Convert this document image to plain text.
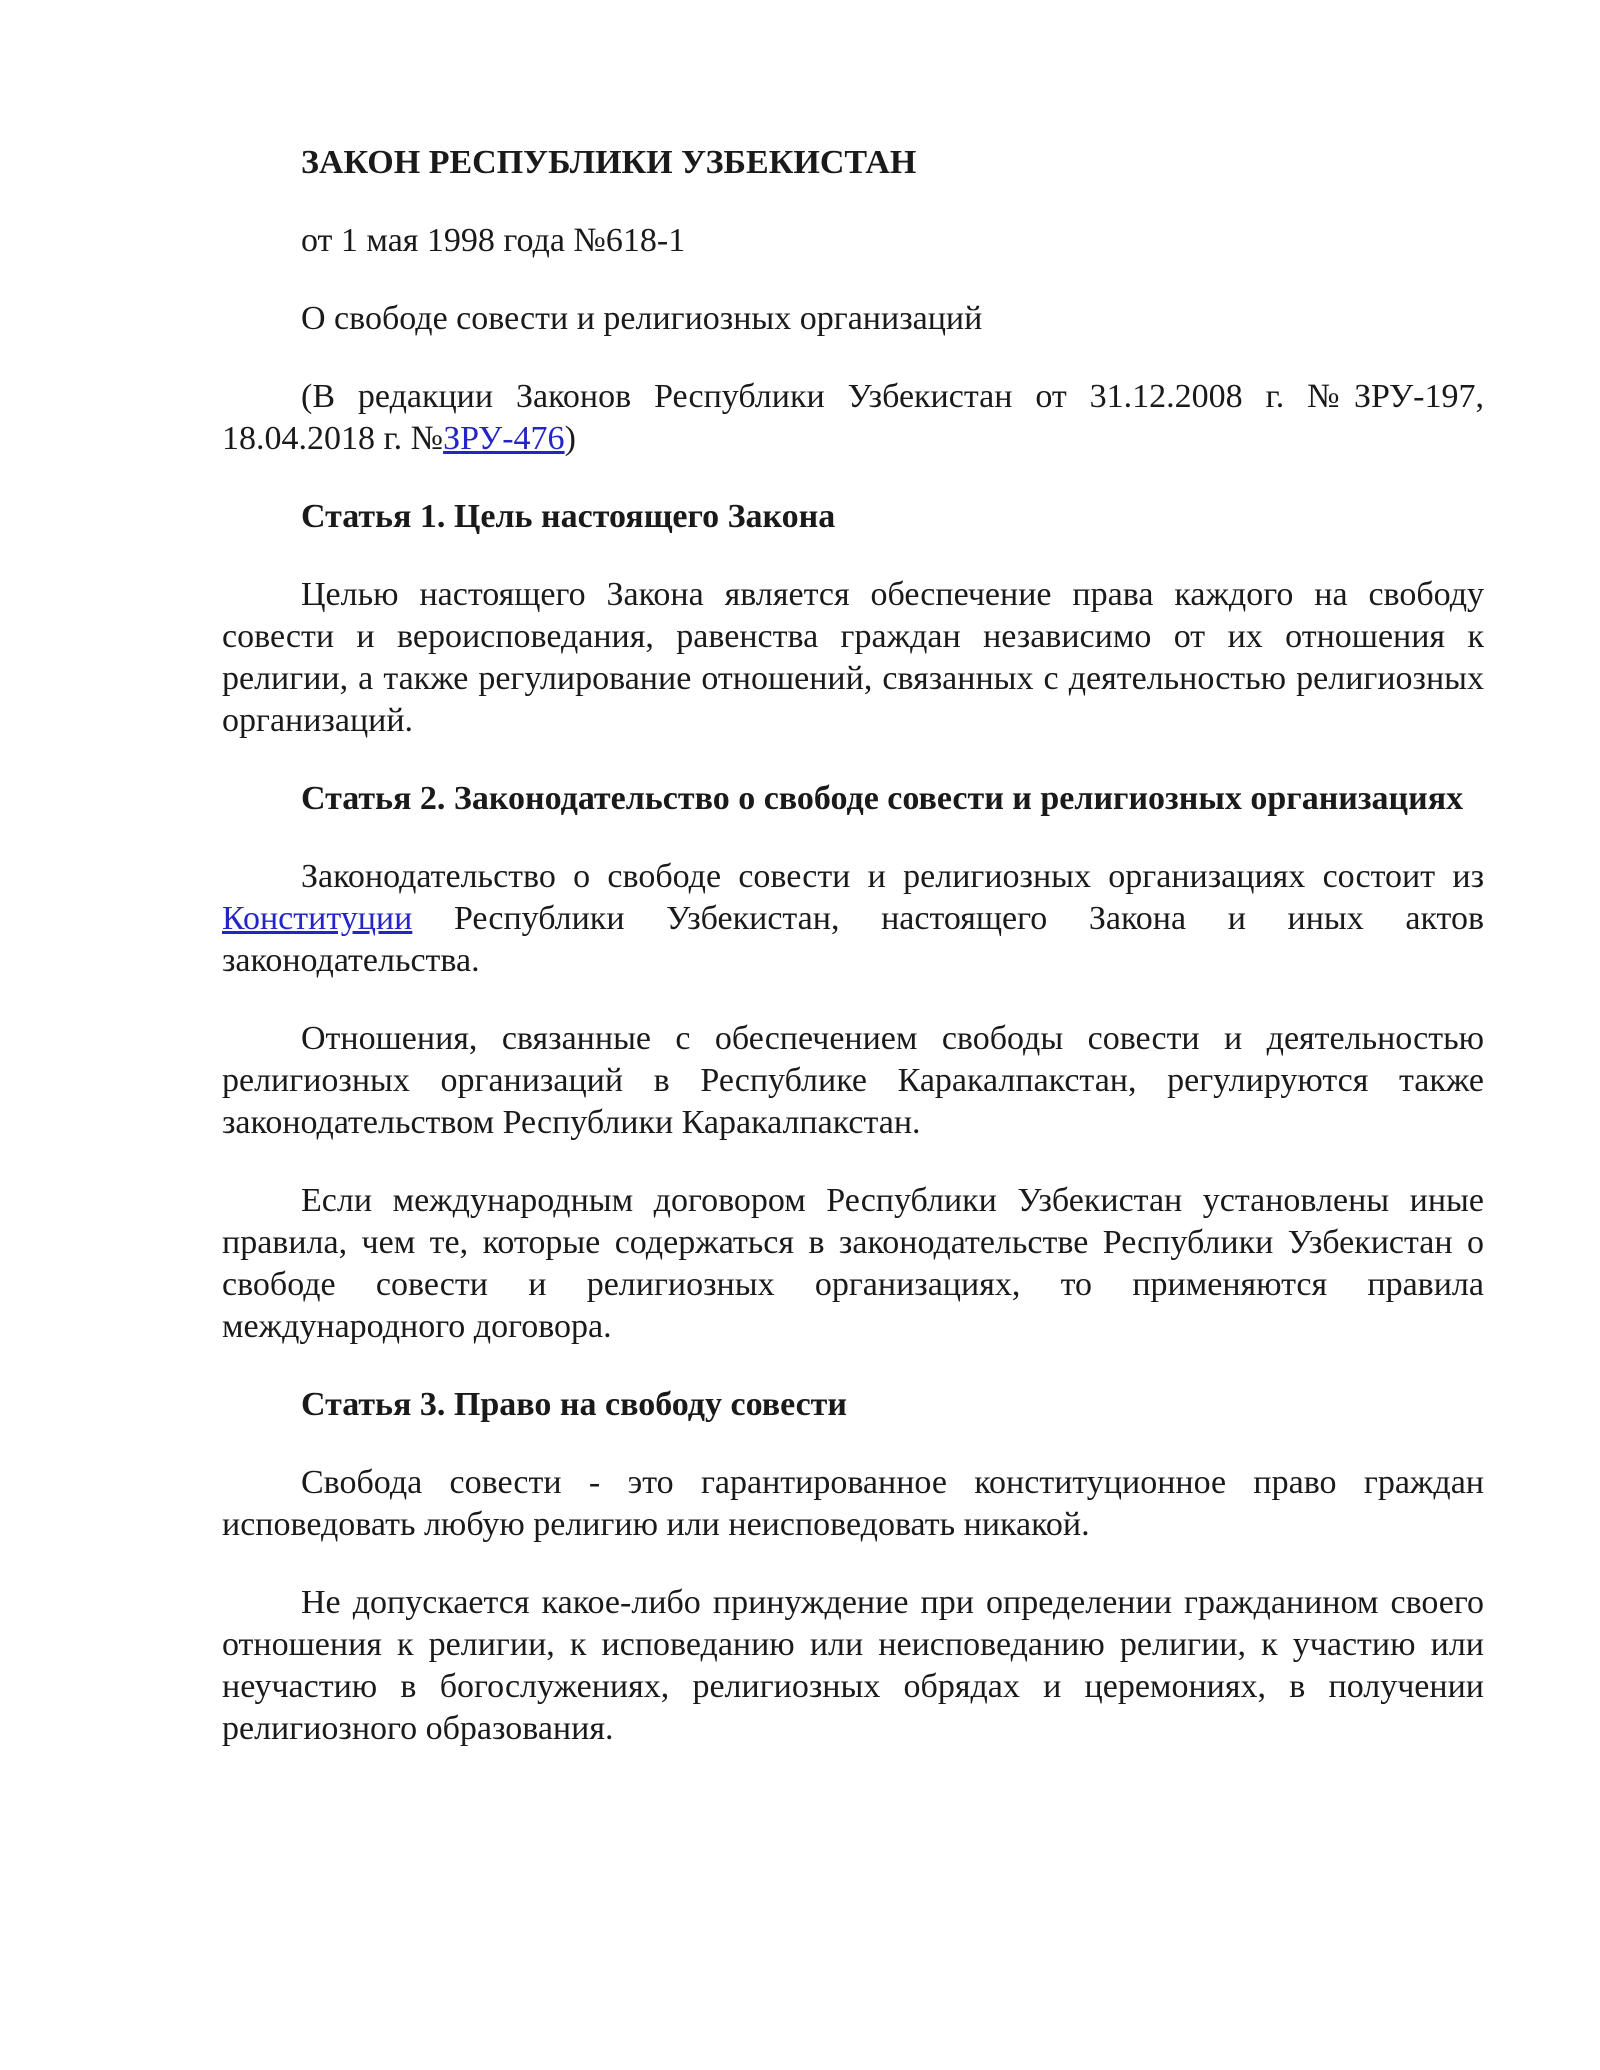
ЗАКОН РЕСПУБЛИКИ УЗБЕКИСТАН

от 1 мая 1998 года №618-1

О свободе совести и религиозных организаций

(В редакции Законов Республики Узбекистан от 31.12.2008 г. №ЗРУ-197, 18.04.2018 г. №ЗРУ-476)

Статья 1. Цель настоящего Закона

Целью настоящего Закона является обеспечение права каждого на свободу совести и вероисповедания, равенства граждан независимо от их отношения к религии, а также регулирование отношений, связанных с деятельностью религиозных организаций.

Статья 2. Законодательство о свободе совести и религиозных организациях

Законодательство о свободе совести и религиозных организациях состоит из Конституции Республики Узбекистан, настоящего Закона и иных актов законодательства.

Отношения, связанные с обеспечением свободы совести и деятельностью религиозных организаций в Республике Каракалпакстан, регулируются также законодательством Республики Каракалпакстан.

Если международным договором Республики Узбекистан установлены иные правила, чем те, которые содержаться в законодательстве Республики Узбекистан о свободе совести и религиозных организациях, то применяются правила международного договора.

Статья 3. Право на свободу совести

Свобода совести - это гарантированное конституционное право граждан исповедовать любую религию или неисповедовать никакой.

Не допускается какое-либо принуждение при определении гражданином своего отношения к религии, к исповеданию или неисповеданию религии, к участию или неучастию в богослужениях, религиозных обрядах и церемониях, в получении религиозного образования.
